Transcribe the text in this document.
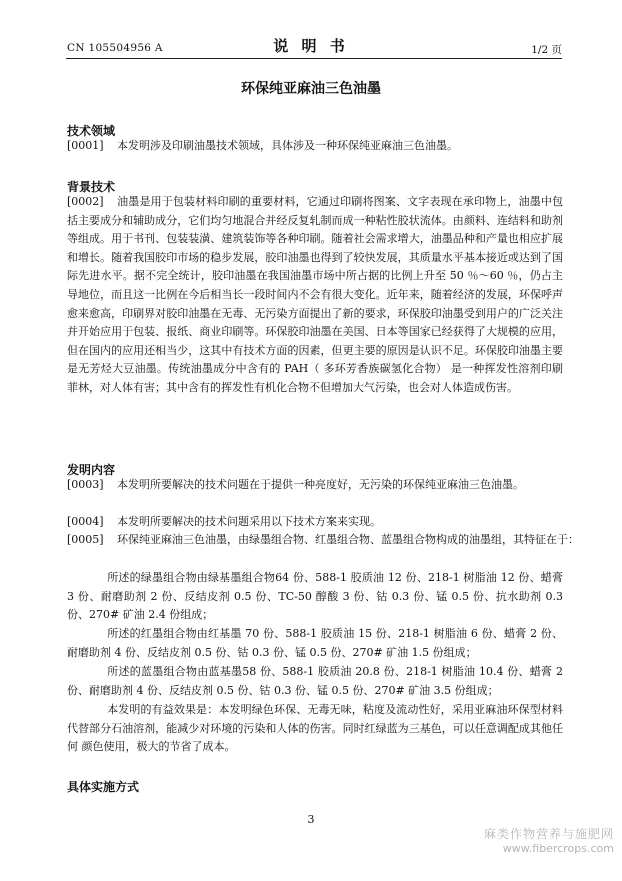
CN 105504956 A	说 明 书	1/2 页
环保纯亚麻油三色油墨
技术领域
[0001] 本发明涉及印刷油墨技术领域，具体涉及一种环保纯亚麻油三色油墨。
背景技术
[0002] 油墨是用于包装材料印刷的重要材料，它通过印刷将图案、文字表现在承印物上，油墨中包括主要成分和辅助成分，它们均匀地混合并经反复轧制而成一种粘性胶状流体。由颜料、连结料和助剂等组成。用于书刊、包装装潢、建筑装饰等各种印刷。随着社会需求增大，油墨品种和产量也相应扩展和增长。随着我国胶印市场的稳步发展，胶印油墨也得到了较快发展，其质量水平基本接近或达到了国际先进水平。据不完全统计，胶印油墨在我国油墨市场中所占据的比例上升至 50 ％～60 ％，仍占主导地位，而且这一比例在今后相当长一段时间内不会有很大变化。近年来，随着经济的发展，环保呼声愈来愈高，印刷界对胶印油墨在无毒、无污染方面提出了新的要求，环保胶印油墨受到用户的广泛关注并开始应用于包装、报纸、商业印刷等。环保胶印油墨在美国、日本等国家已经获得了大规模的应用，但在国内的应用还相当少，这其中有技术方面的因素，但更主要的原因是认识不足。环保胶印油墨主要是无芳烃大豆油墨。传统油墨成分中含有的 PAH（ 多环芳香族碳氢化合物） 是一种挥发性溶剂印刷菲林，对人体有害；其中含有的挥发性有机化合物不但增加大气污染，也会对人体造成伤害。
发明内容
[0003] 本发明所要解决的技术问题在于提供一种亮度好，无污染的环保纯亚麻油三色油墨。
[0004] 本发明所要解决的技术问题采用以下技术方案来实现。
[0005] 环保纯亚麻油三色油墨，由绿墨组合物、红墨组合物、蓝墨组合物构成的油墨组，其特征在于：
所述的绿墨组合物由绿基墨组合物64 份、588-1 胶质油 12 份、218-1 树脂油 12 份、蜡膏 3 份、耐磨助剂 2 份、反结皮剂 0.5 份、TC-50 醇酸 3 份、钴 0.3 份、锰 0.5 份、抗水助剂 0.3 份、270# 矿油 2.4 份组成；
所述的红墨组合物由红基墨 70 份、588-1 胶质油 15 份、218-1 树脂油 6 份、蜡膏 2 份、耐磨助剂 4 份、反结皮剂 0.5 份、钴 0.3 份、锰 0.5 份、270# 矿油 1.5 份组成；
所述的蓝墨组合物由蓝基墨58 份、588-1 胶质油 20.8 份、218-1 树脂油 10.4 份、蜡膏 2 份、耐磨助剂 4 份、反结皮剂 0.5 份、钴 0.3 份、锰 0.5 份、270# 矿油 3.5 份组成；
本发明的有益效果是：本发明绿色环保、无毒无味，粘度及流动性好，采用亚麻油环保型材料代替部分石油溶剂，能减少对环境的污染和人体的伤害。同时红绿蓝为三基色，可以任意调配成其他任何 颜色使用，极大的节省了成本。
具体实施方式
3
麻类作物营养与施肥网
www.fibercrops.com
